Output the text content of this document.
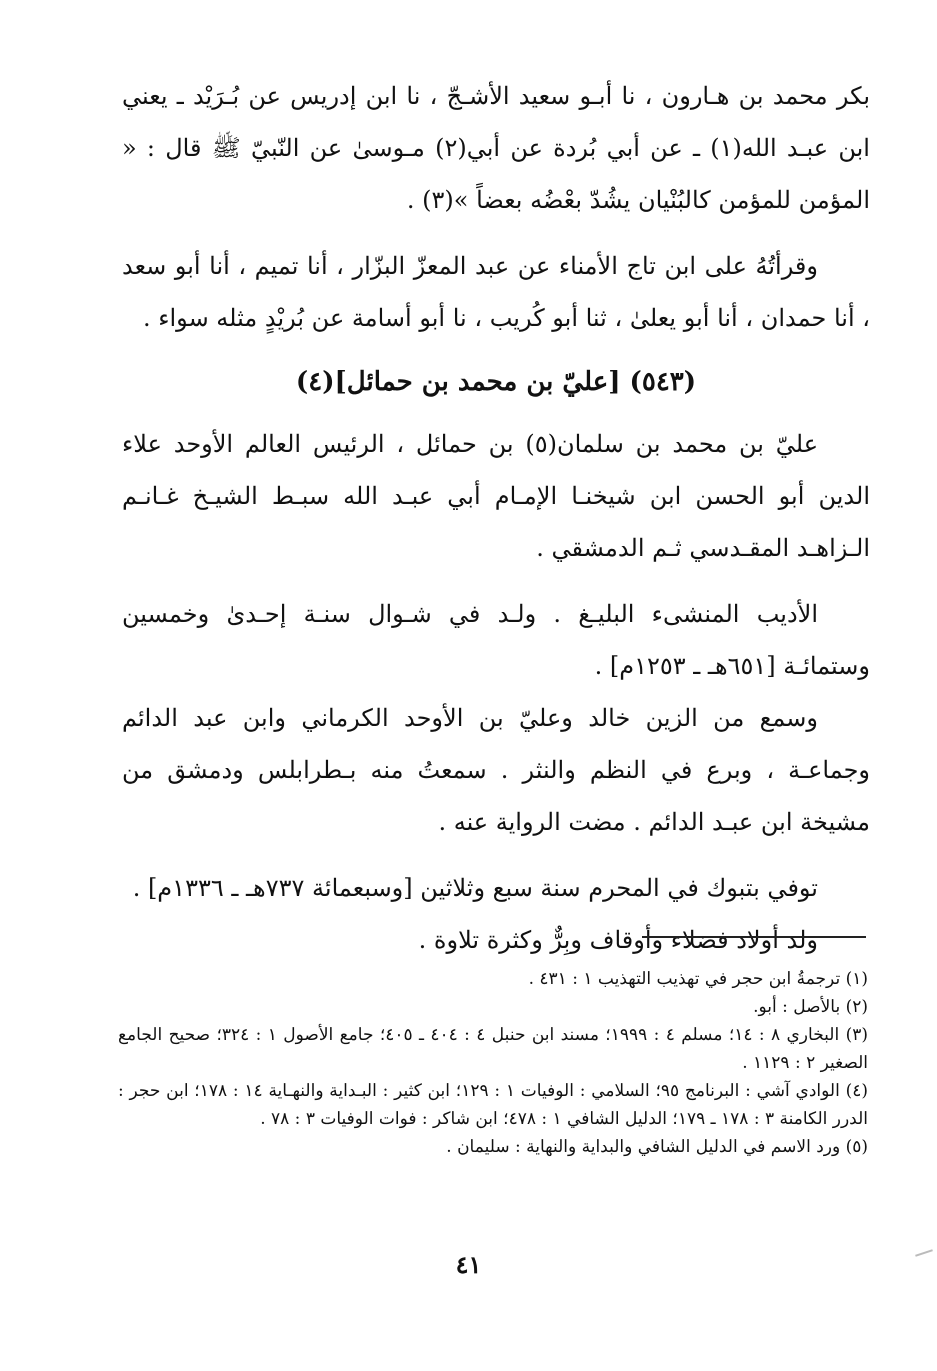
بكر محمد بن هـارون ، نا أبـو سعيد الأشـجّ ، نا ابن إدريس عن بُـرَيْد ـ يعني ابن عبـد الله(١) ـ عن أبي بُردة عن أبي(٢) مـوسىٰ عن النّبيّ ﷺ قال : « المؤمن للمؤمن كالبُنْيان يشُدّ بعْضُه بعضاً »(٣) .

وقرأتُهُ على ابن تاج الأمناء عن عبد المعزّ البزّار ، أنا تميم ، أنا أبو سعد ، أنا حمدان ، أنا أبو يعلىٰ ، ثنا أبو كُريب ، نا أبو أسامة عن بُريْدٍ مثله سواء .

(٥٤٣) [عليّ بن محمد بن حمائل](٤)

عليّ بن محمد بن سلمان(٥) بن حمائل ، الرئيس العالم الأوحد علاء الدين أبو الحسن ابن شيخنـا الإمـام أبي عبـد الله سبـط الشيـخ غـانـم الـزاهـد المقـدسي ثـم الدمشقي .

الأديب المنشىء البليـغ . ولـد في شـوال سنـة إحـدىٰ وخمسين وستمائـة [٦٥١هـ ـ ١٢٥٣م] .

وسمع من الزين خالد وعليّ بن الأوحد الكرماني وابن عبد الدائم وجماعـة ، وبرع في النظم والنثر . سمعتُ منه بـطرابلس ودمشق من مشيخة ابن عبـد الدائم . مضت الرواية عنه .

توفي بتبوك في المحرم سنة سبع وثلاثين [وسبعمائة ٧٣٧هـ ـ ١٣٣٦م] .

ولد أولاد فضلاء وأوقاف وبِرٌّ وكثرة تلاوة .

(١) ترجمةُ ابن حجر في تهذيب التهذيب ١ : ٤٣١ .

(٢) بالأصل : أبو.

(٣) البخاري ٨ : ١٤؛ مسلم ٤ : ١٩٩٩؛ مسند ابن حنبل ٤ : ٤٠٤ ـ ٤٠٥؛ جامع الأصول ١ : ٣٢٤؛ صحيح الجامع الصغير ٢ : ١١٢٩ .

(٤) الوادي آشي : البرنامج ٩٥؛ السلامي : الوفيات ١ : ١٢٩؛ ابن كثير : البـداية والنهـاية ١٤ : ١٧٨؛ ابن حجر : الدرر الكامنة ٣ : ١٧٨ ـ ١٧٩؛ الدليل الشافي ١ : ٤٧٨؛ ابن شاكر : فوات الوفيات ٣ : ٧٨ .

(٥) ورد الاسم في الدليل الشافي والبداية والنهاية : سليمان .

٤١
